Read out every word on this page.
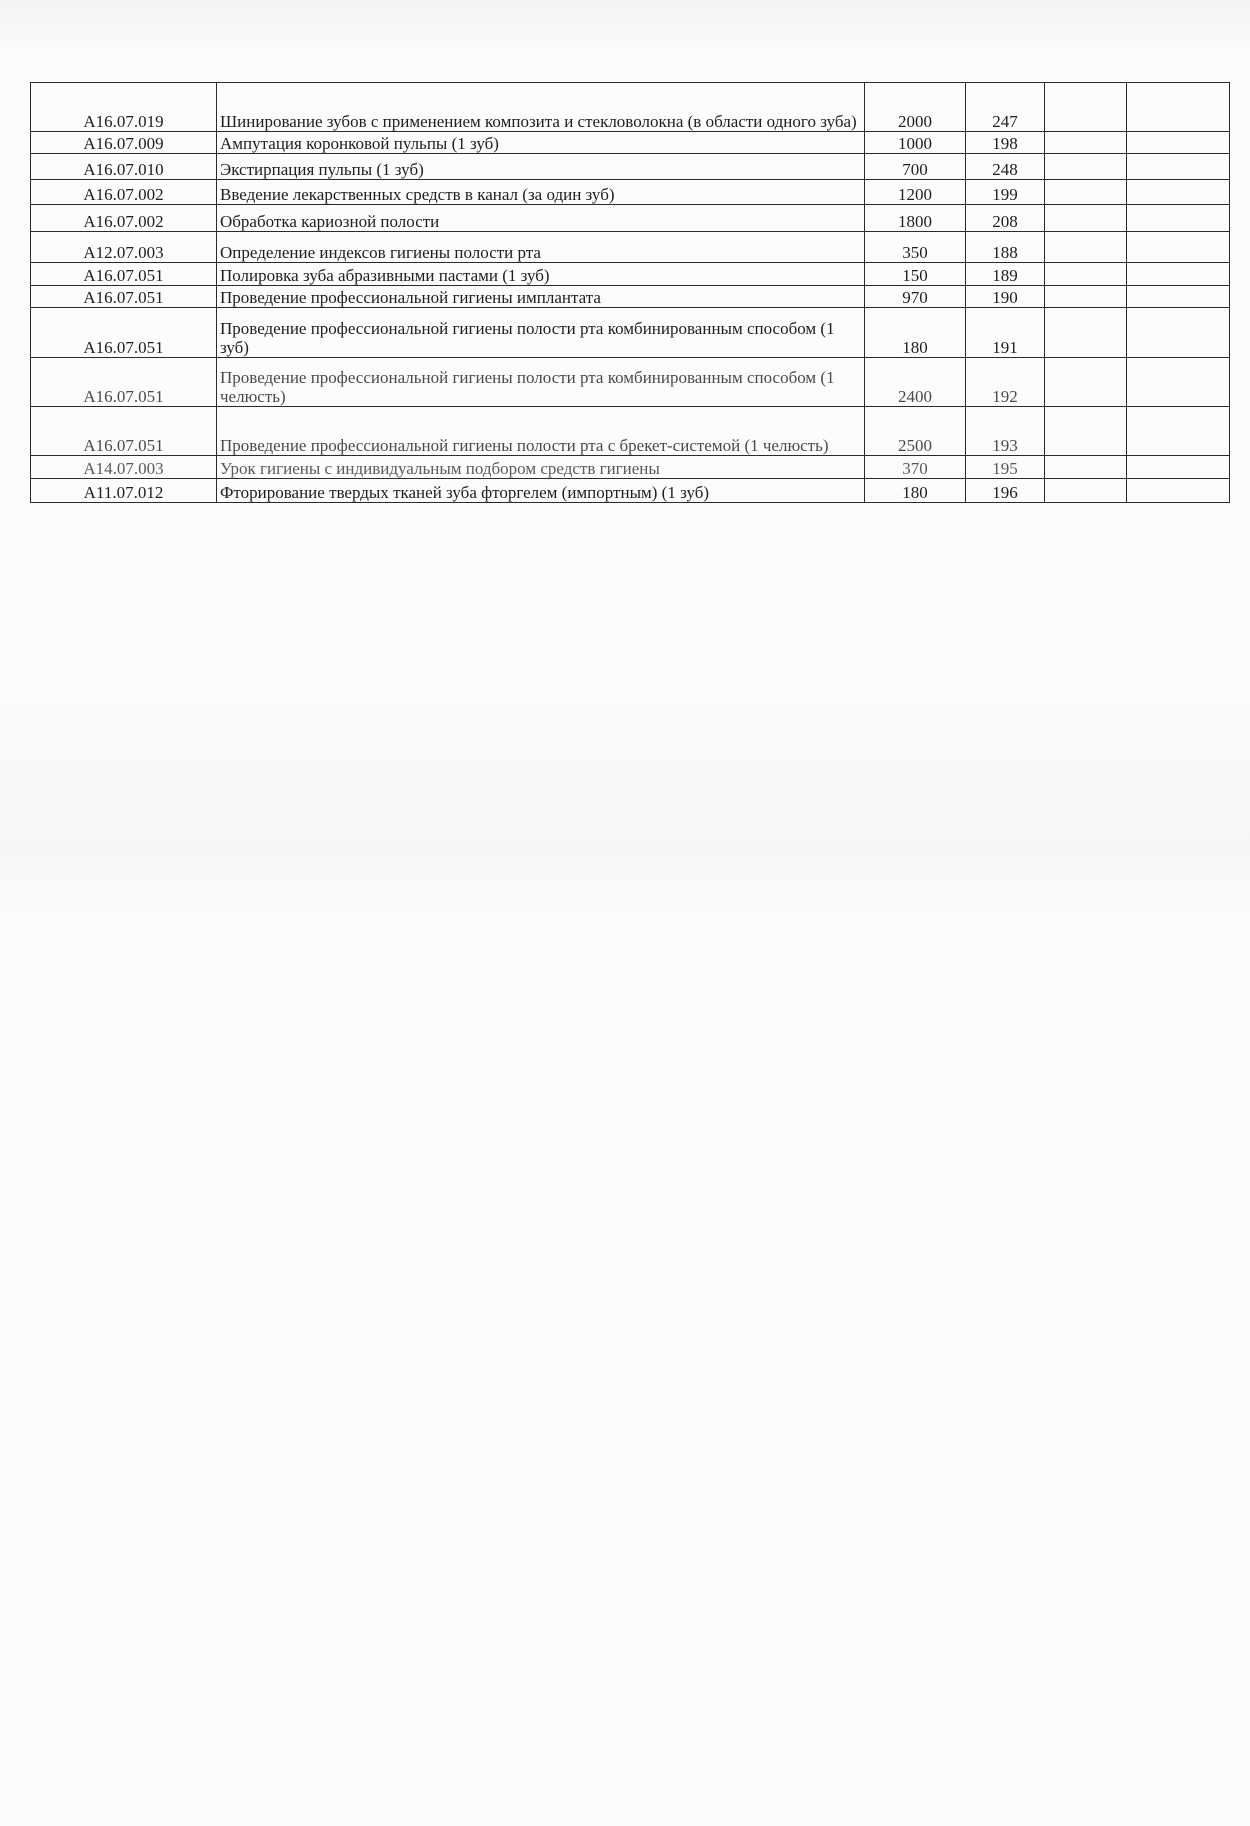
А16.07.019	Шинирование зубов с применением композита и стекловолокна (в области одного зуба)	2000	247		
А16.07.009	Ампутация коронковой пульпы (1 зуб)	1000	198		
А16.07.010	Экстирпация пульпы (1 зуб)	700	248		
А16.07.002	Введение лекарственных средств в канал (за один зуб)	1200	199		
А16.07.002	Обработка кариозной полости	1800	208		
А12.07.003	Определение индексов гигиены полости рта	350	188		
А16.07.051	Полировка зуба абразивными пастами (1 зуб)	150	189		
А16.07.051	Проведение профессиональной гигиены имплантата	970	190		
А16.07.051	Проведение профессиональной гигиены полости рта комбинированным способом (1 зуб)	180	191		
А16.07.051	Проведение профессиональной гигиены полости рта комбинированным способом (1 челюсть)	2400	192		
А16.07.051	Проведение профессиональной гигиены полости рта с брекет-системой (1 челюсть)	2500	193		
А14.07.003	Урок гигиены с индивидуальным подбором средств гигиены	370	195		
А11.07.012	Фторирование твердых тканей зуба фторгелем (импортным) (1 зуб)	180	196		
